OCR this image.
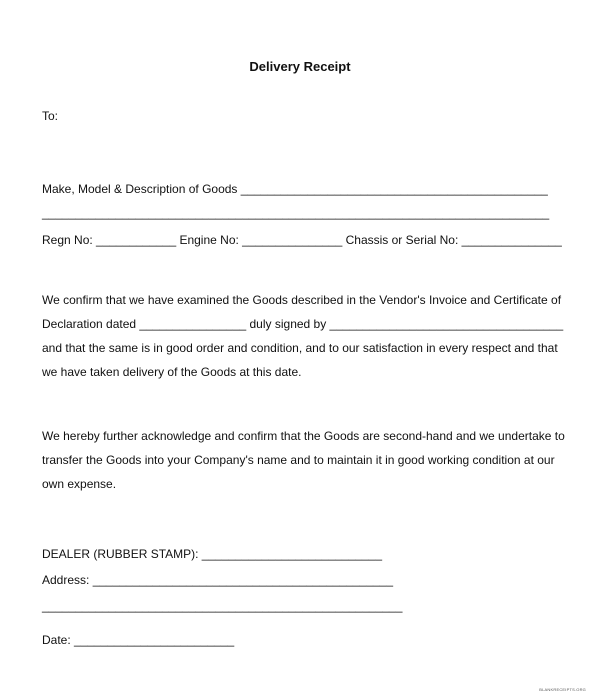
Delivery Receipt
To:
Make, Model & Description of Goods ______________________________________________
____________________________________________________________________________
Regn No: ____________ Engine No: _______________ Chassis or Serial No: _______________
We confirm that we have examined the Goods described in the Vendor's Invoice and Certificate of
Declaration dated ________________ duly signed by ___________________________________
and that the same is in good order and condition, and to our satisfaction in every respect and that
we have taken delivery of the Goods at this date.
We hereby further acknowledge and confirm that the Goods are second-hand and we undertake to
transfer the Goods into your Company's name and to maintain it in good working condition at our
own expense.
DEALER (RUBBER STAMP): ___________________________
Address: _____________________________________________
______________________________________________________
Date: ________________________
BLANKRECEIPTS.ORG
